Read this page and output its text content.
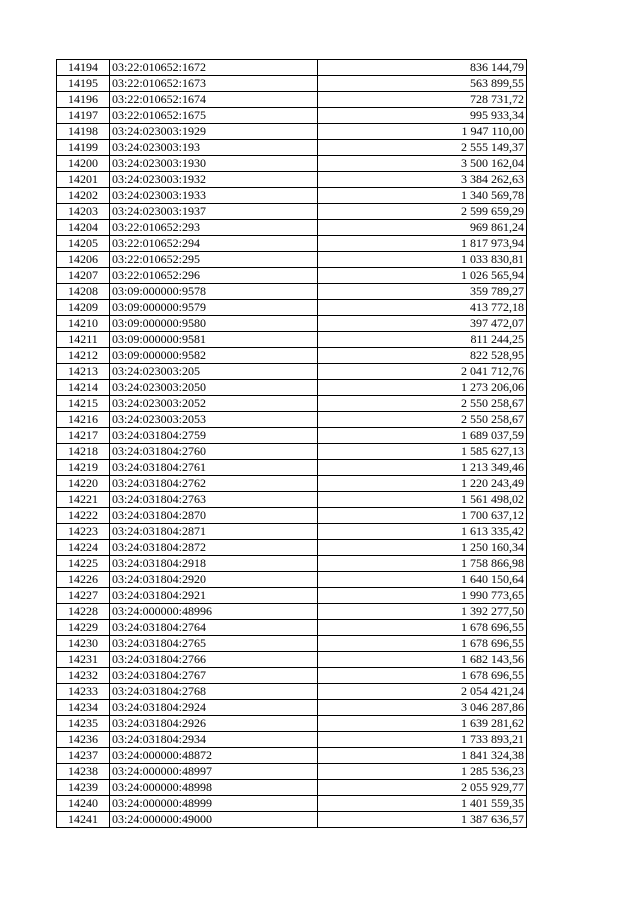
14194	03:22:010652:1672	836 144,79
14195	03:22:010652:1673	563 899,55
14196	03:22:010652:1674	728 731,72
14197	03:22:010652:1675	995 933,34
14198	03:24:023003:1929	1 947 110,00
14199	03:24:023003:193	2 555 149,37
14200	03:24:023003:1930	3 500 162,04
14201	03:24:023003:1932	3 384 262,63
14202	03:24:023003:1933	1 340 569,78
14203	03:24:023003:1937	2 599 659,29
14204	03:22:010652:293	969 861,24
14205	03:22:010652:294	1 817 973,94
14206	03:22:010652:295	1 033 830,81
14207	03:22:010652:296	1 026 565,94
14208	03:09:000000:9578	359 789,27
14209	03:09:000000:9579	413 772,18
14210	03:09:000000:9580	397 472,07
14211	03:09:000000:9581	811 244,25
14212	03:09:000000:9582	822 528,95
14213	03:24:023003:205	2 041 712,76
14214	03:24:023003:2050	1 273 206,06
14215	03:24:023003:2052	2 550 258,67
14216	03:24:023003:2053	2 550 258,67
14217	03:24:031804:2759	1 689 037,59
14218	03:24:031804:2760	1 585 627,13
14219	03:24:031804:2761	1 213 349,46
14220	03:24:031804:2762	1 220 243,49
14221	03:24:031804:2763	1 561 498,02
14222	03:24:031804:2870	1 700 637,12
14223	03:24:031804:2871	1 613 335,42
14224	03:24:031804:2872	1 250 160,34
14225	03:24:031804:2918	1 758 866,98
14226	03:24:031804:2920	1 640 150,64
14227	03:24:031804:2921	1 990 773,65
14228	03:24:000000:48996	1 392 277,50
14229	03:24:031804:2764	1 678 696,55
14230	03:24:031804:2765	1 678 696,55
14231	03:24:031804:2766	1 682 143,56
14232	03:24:031804:2767	1 678 696,55
14233	03:24:031804:2768	2 054 421,24
14234	03:24:031804:2924	3 046 287,86
14235	03:24:031804:2926	1 639 281,62
14236	03:24:031804:2934	1 733 893,21
14237	03:24:000000:48872	1 841 324,38
14238	03:24:000000:48997	1 285 536,23
14239	03:24:000000:48998	2 055 929,77
14240	03:24:000000:48999	1 401 559,35
14241	03:24:000000:49000	1 387 636,57
